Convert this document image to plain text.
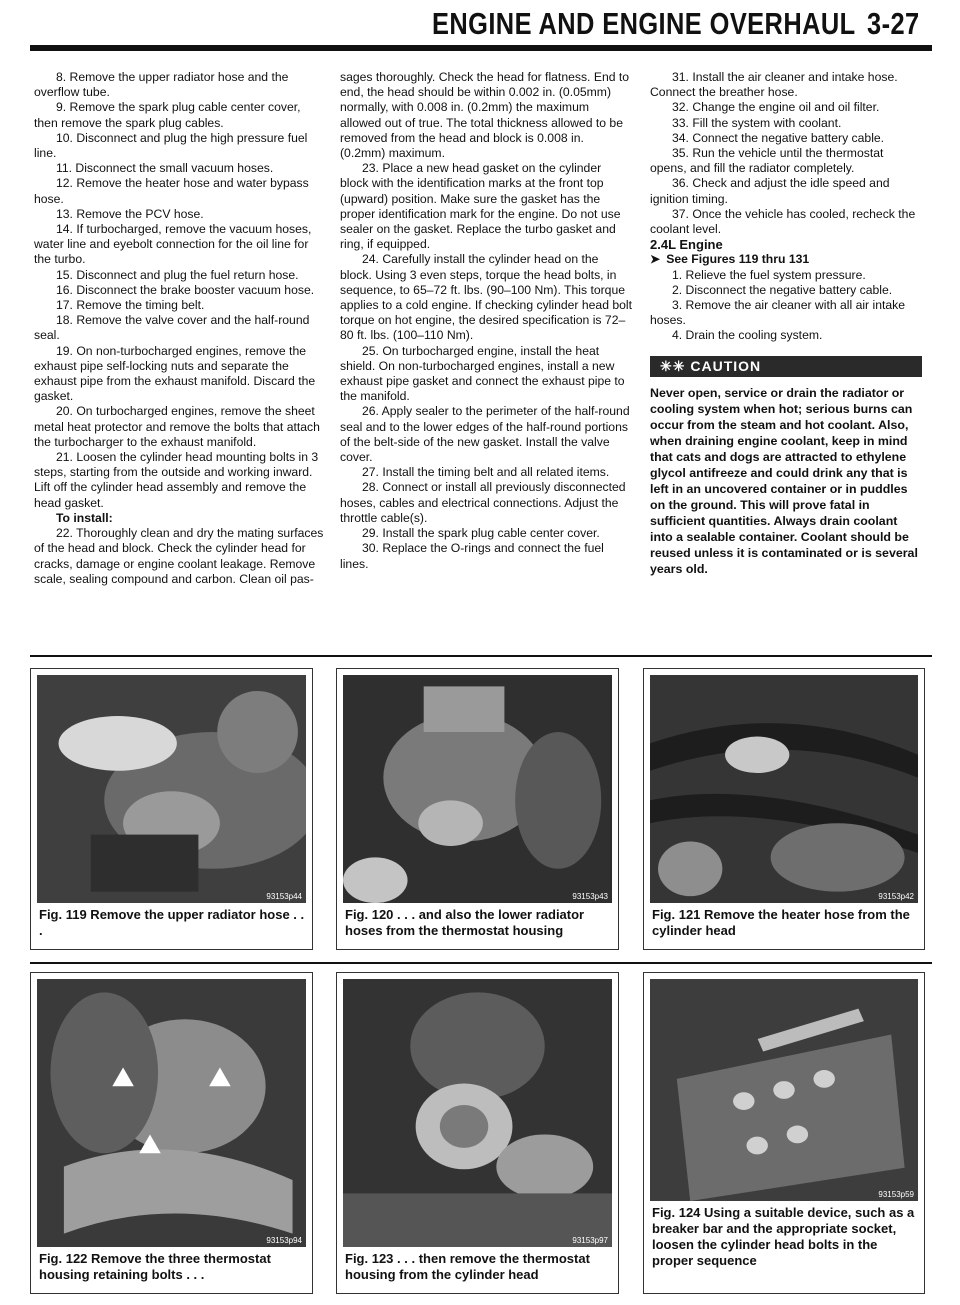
ENGINE AND ENGINE OVERHAUL 3-27

8. Remove the upper radiator hose and the overflow tube.

9. Remove the spark plug cable center cover, then remove the spark plug cables.

10. Disconnect and plug the high pressure fuel line.

11. Disconnect the small vacuum hoses.

12. Remove the heater hose and water bypass hose.

13. Remove the PCV hose.

14. If turbocharged, remove the vacuum hoses, water line and eyebolt connection for the oil line for the turbo.

15. Disconnect and plug the fuel return hose.

16. Disconnect the brake booster vacuum hose.

17. Remove the timing belt.

18. Remove the valve cover and the half-round seal.

19. On non-turbocharged engines, remove the exhaust pipe self-locking nuts and separate the exhaust pipe from the exhaust manifold. Discard the gasket.

20. On turbocharged engines, remove the sheet metal heat protector and remove the bolts that attach the turbocharger to the exhaust manifold.

21. Loosen the cylinder head mounting bolts in 3 steps, starting from the outside and working inward. Lift off the cylinder head assembly and remove the head gasket.

To install:

22. Thoroughly clean and dry the mating surfaces of the head and block. Check the cylinder head for cracks, damage or engine coolant leakage. Remove scale, sealing compound and carbon. Clean oil pas-

sages thoroughly. Check the head for flatness. End to end, the head should be within 0.002 in. (0.05mm) normally, with 0.008 in. (0.2mm) the maximum allowed out of true. The total thickness allowed to be removed from the head and block is 0.008 in. (0.2mm) maximum.

23. Place a new head gasket on the cylinder block with the identification marks at the front top (upward) position. Make sure the gasket has the proper identification mark for the engine. Do not use sealer on the gasket. Replace the turbo gasket and ring, if equipped.

24. Carefully install the cylinder head on the block. Using 3 even steps, torque the head bolts, in sequence, to 65–72 ft. lbs. (90–100 Nm). This torque applies to a cold engine. If checking cylinder head bolt torque on hot engine, the desired specification is 72–80 ft. lbs. (100–110 Nm).

25. On turbocharged engine, install the heat shield. On non-turbocharged engines, install a new exhaust pipe gasket and connect the exhaust pipe to the manifold.

26. Apply sealer to the perimeter of the half-round seal and to the lower edges of the half-round portions of the belt-side of the new gasket. Install the valve cover.

27. Install the timing belt and all related items.

28. Connect or install all previously disconnected hoses, cables and electrical connections. Adjust the throttle cable(s).

29. Install the spark plug cable center cover.

30. Replace the O-rings and connect the fuel lines.

31. Install the air cleaner and intake hose. Connect the breather hose.

32. Change the engine oil and oil filter.

33. Fill the system with coolant.

34. Connect the negative battery cable.

35. Run the vehicle until the thermostat opens, and fill the radiator completely.

36. Check and adjust the idle speed and ignition timing.

37. Once the vehicle has cooled, recheck the coolant level.

2.4L Engine

➤ See Figures 119 thru 131

1. Relieve the fuel system pressure.

2. Disconnect the negative battery cable.

3. Remove the air cleaner with all air intake hoses.

4. Drain the cooling system.

✳✳ CAUTION

Never open, service or drain the radiator or cooling system when hot; serious burns can occur from the steam and hot coolant. Also, when draining engine coolant, keep in mind that cats and dogs are attracted to ethylene glycol antifreeze and could drink any that is left in an uncovered container or in puddles on the ground. This will prove fatal in sufficient quantities. Always drain coolant into a sealable container. Coolant should be reused unless it is contaminated or is several years old.

93153p44
Fig. 119 Remove the upper radiator hose . . .
93153p43
Fig. 120 . . . and also the lower radiator hoses from the thermostat housing
93153p42
Fig. 121 Remove the heater hose from the cylinder head
93153p94
Fig. 122 Remove the three thermostat housing retaining bolts . . .
93153p97
Fig. 123 . . . then remove the thermostat housing from the cylinder head
93153p59
Fig. 124 Using a suitable device, such as a breaker bar and the appropriate socket, loosen the cylinder head bolts in the proper sequence
